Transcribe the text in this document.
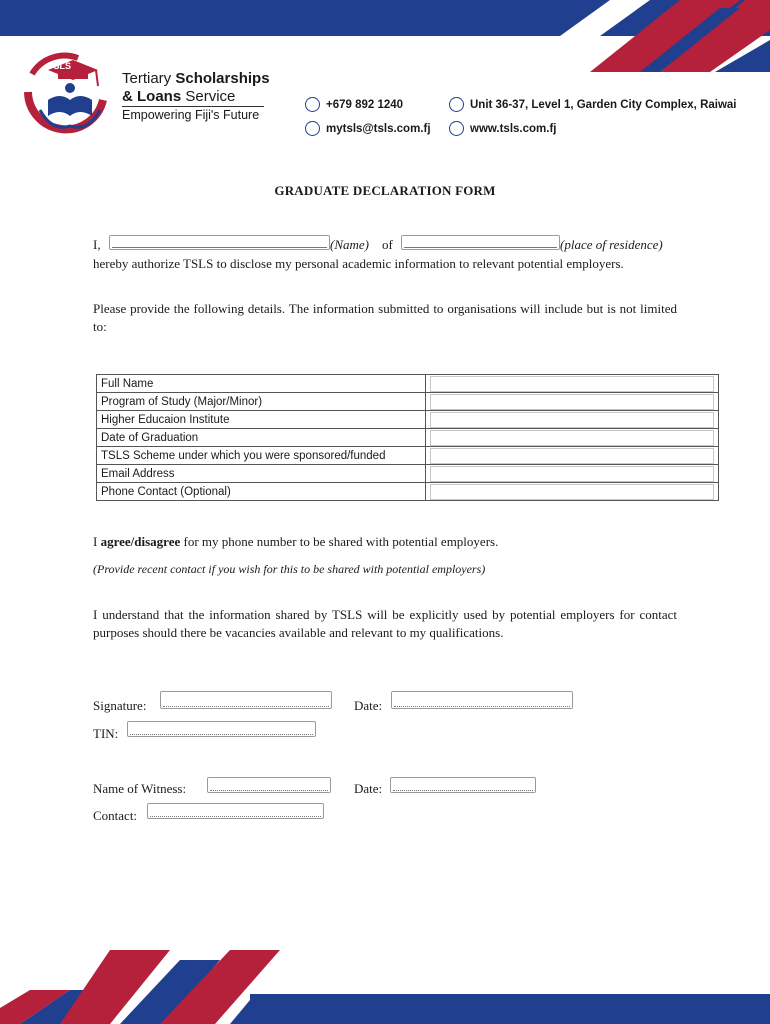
TSLS
Tertiary Scholarships
& Loans Service
Empowering Fiji's Future
+679 892 1240
mytsls@tsls.com.fj
Unit 36-37, Level 1, Garden City Complex, Raiwai
www.tsls.com.fj
GRADUATE DECLARATION FORM
I,	(Name) of	(place of residence)
hereby authorize TSLS to disclose my personal academic information to relevant potential employers.
Please provide the following details. The information submitted to organisations will include but is not limited to:
Full Name	

Program of Study (Major/Minor)	

Higher Educaion Institute	

Date of Graduation	

TSLS Scheme under which you were sponsored/funded	

Email Address	

Phone Contact (Optional)	
I agree/disagree for my phone number to be shared with potential employers.
(Provide recent contact if you wish for this to be shared with potential employers)
I understand that the information shared by TSLS will be explicitly used by potential employers for contact purposes should there be vacancies available and relevant to my qualifications.
Signature:	Date:
TIN:
Name of Witness:	Date:
Contact:
